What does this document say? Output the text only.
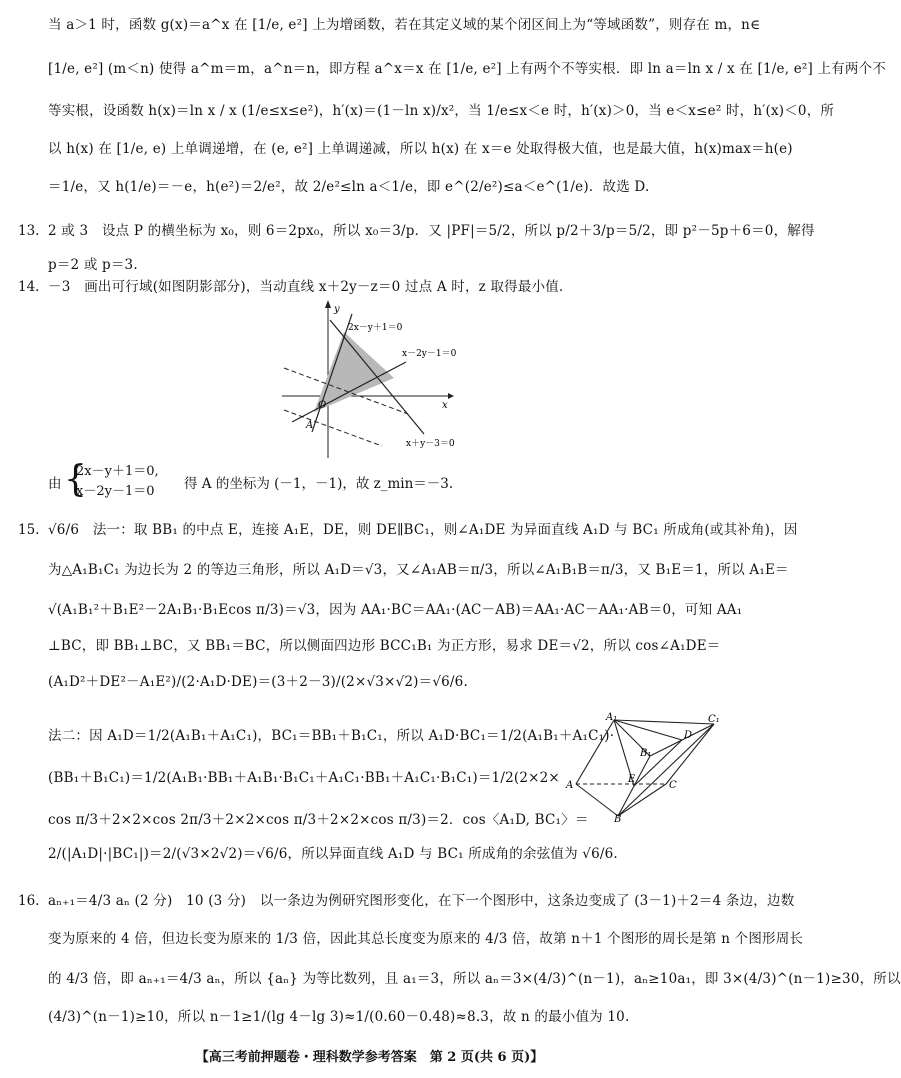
当 a＞1 时，函数 g(x)＝a^x 在 [1/e, e²] 上为增函数，若在其定义域的某个闭区间上为“等域函数”，则存在 m，n∈
[1/e, e²] (m＜n) 使得 a^m＝m，a^n＝n，即方程 a^x＝x 在 [1/e, e²] 上有两个不等实根．即 ln a＝ln x / x 在 [1/e, e²] 上有两个不
等实根，设函数 h(x)＝ln x / x (1/e≤x≤e²)，h′(x)＝(1－ln x)/x²，当 1/e≤x＜e 时，h′(x)＞0，当 e＜x≤e² 时，h′(x)＜0，所
以 h(x) 在 [1/e, e) 上单调递增，在 (e, e²] 上单调递减，所以 h(x) 在 x＝e 处取得极大值，也是最大值，h(x)max＝h(e)
＝1/e，又 h(1/e)＝－e，h(e²)＝2/e²，故 2/e²≤ln a＜1/e，即 e^(2/e²)≤a＜e^(1/e)．故选 D.
13. 2 或 3　设点 P 的横坐标为 x₀，则 6＝2px₀，所以 x₀＝3/p．又 |PF|＝5/2，所以 p/2＋3/p＝5/2，即 p²－5p＋6＝0，解得
p＝2 或 p＝3.
14. －3　画出可行域(如图阴影部分)，当动直线 x＋2y－z＝0 过点 A 时，z 取得最小值．
y
x
O
A
2x－y＋1＝0
x－2y－1＝0
x＋y－3＝0
由 {
2x－y＋1＝0,
x－2y－1＝0 得 A 的坐标为 (－1，－1)，故 z_min＝－3.
15. √6/6　法一：取 BB₁ 的中点 E，连接 A₁E，DE，则 DE∥BC₁，则∠A₁DE 为异面直线 A₁D 与 BC₁ 所成角(或其补角)，因
为△A₁B₁C₁ 为边长为 2 的等边三角形，所以 A₁D＝√3，又∠A₁AB＝π/3，所以∠A₁B₁B＝π/3，又 B₁E＝1，所以 A₁E＝
√(A₁B₁²＋B₁E²－2A₁B₁·B₁Ecos π/3)＝√3，因为 AA₁·BC＝AA₁·(AC－AB)＝AA₁·AC－AA₁·AB＝0，可知 AA₁
⊥BC，即 BB₁⊥BC，又 BB₁＝BC，所以侧面四边形 BCC₁B₁ 为正方形，易求 DE＝√2，所以 cos∠A₁DE＝
(A₁D²＋DE²－A₁E²)/(2·A₁D·DE)＝(3＋2－3)/(2×√3×√2)＝√6/6.
法二：因 A₁D＝1/2(A₁B₁＋A₁C₁)，BC₁＝BB₁＋B₁C₁，所以 A₁D·BC₁＝1/2(A₁B₁＋A₁C₁)·
(BB₁＋B₁C₁)＝1/2(A₁B₁·BB₁＋A₁B₁·B₁C₁＋A₁C₁·BB₁＋A₁C₁·B₁C₁)＝1/2(2×2×
cos π/3＋2×2×cos 2π/3＋2×2×cos π/3＋2×2×cos π/3)＝2．cos〈A₁D, BC₁〉＝
2/(|A₁D|·|BC₁|)＝2/(√3×2√2)＝√6/6，所以异面直线 A₁D 与 BC₁ 所成角的余弦值为 √6/6.
A₁	C₁
D
B₁
A
E
C
B
16. aₙ₊₁＝4/3 aₙ (2 分)　10 (3 分)　以一条边为例研究图形变化，在下一个图形中，这条边变成了 (3－1)＋2＝4 条边，边数
变为原来的 4 倍，但边长变为原来的 1/3 倍，因此其总长度变为原来的 4/3 倍，故第 n＋1 个图形的周长是第 n 个图形周长
的 4/3 倍，即 aₙ₊₁＝4/3 aₙ，所以 {aₙ} 为等比数列，且 a₁＝3，所以 aₙ＝3×(4/3)^(n－1)，aₙ≥10a₁，即 3×(4/3)^(n－1)≥30，所以
(4/3)^(n－1)≥10，所以 n－1≥1/(lg 4－lg 3)≈1/(0.60－0.48)≈8.3，故 n 的最小值为 10.
【高三考前押题卷・理科数学参考答案　第 2 页(共 6 页)】
